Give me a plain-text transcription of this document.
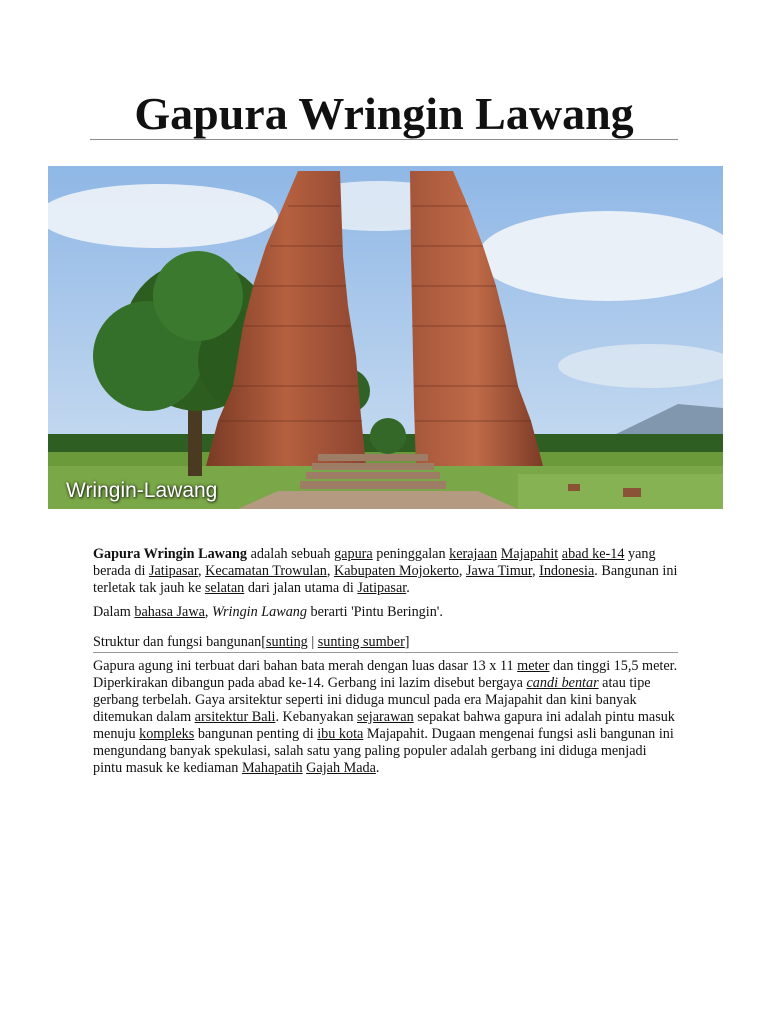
Gapura Wringin Lawang
Wringin-Lawang

Gapura Wringin Lawang adalah sebuah gapura peninggalan kerajaan Majapahit abad ke-14 yang berada di Jatipasar, Kecamatan Trowulan, Kabupaten Mojokerto, Jawa Timur, Indonesia. Bangunan ini terletak tak jauh ke selatan dari jalan utama di Jatipasar.

Dalam bahasa Jawa, Wringin Lawang berarti 'Pintu Beringin'.

Struktur dan fungsi bangunan[sunting | sunting sumber]

Gapura agung ini terbuat dari bahan bata merah dengan luas dasar 13 x 11 meter dan tinggi 15,5 meter. Diperkirakan dibangun pada abad ke-14. Gerbang ini lazim disebut bergaya candi bentar atau tipe gerbang terbelah. Gaya arsitektur seperti ini diduga muncul pada era Majapahit dan kini banyak ditemukan dalam arsitektur Bali. Kebanyakan sejarawan sepakat bahwa gapura ini adalah pintu masuk menuju kompleks bangunan penting di ibu kota Majapahit. Dugaan mengenai fungsi asli bangunan ini mengundang banyak spekulasi, salah satu yang paling populer adalah gerbang ini diduga menjadi pintu masuk ke kediaman Mahapatih Gajah Mada.
